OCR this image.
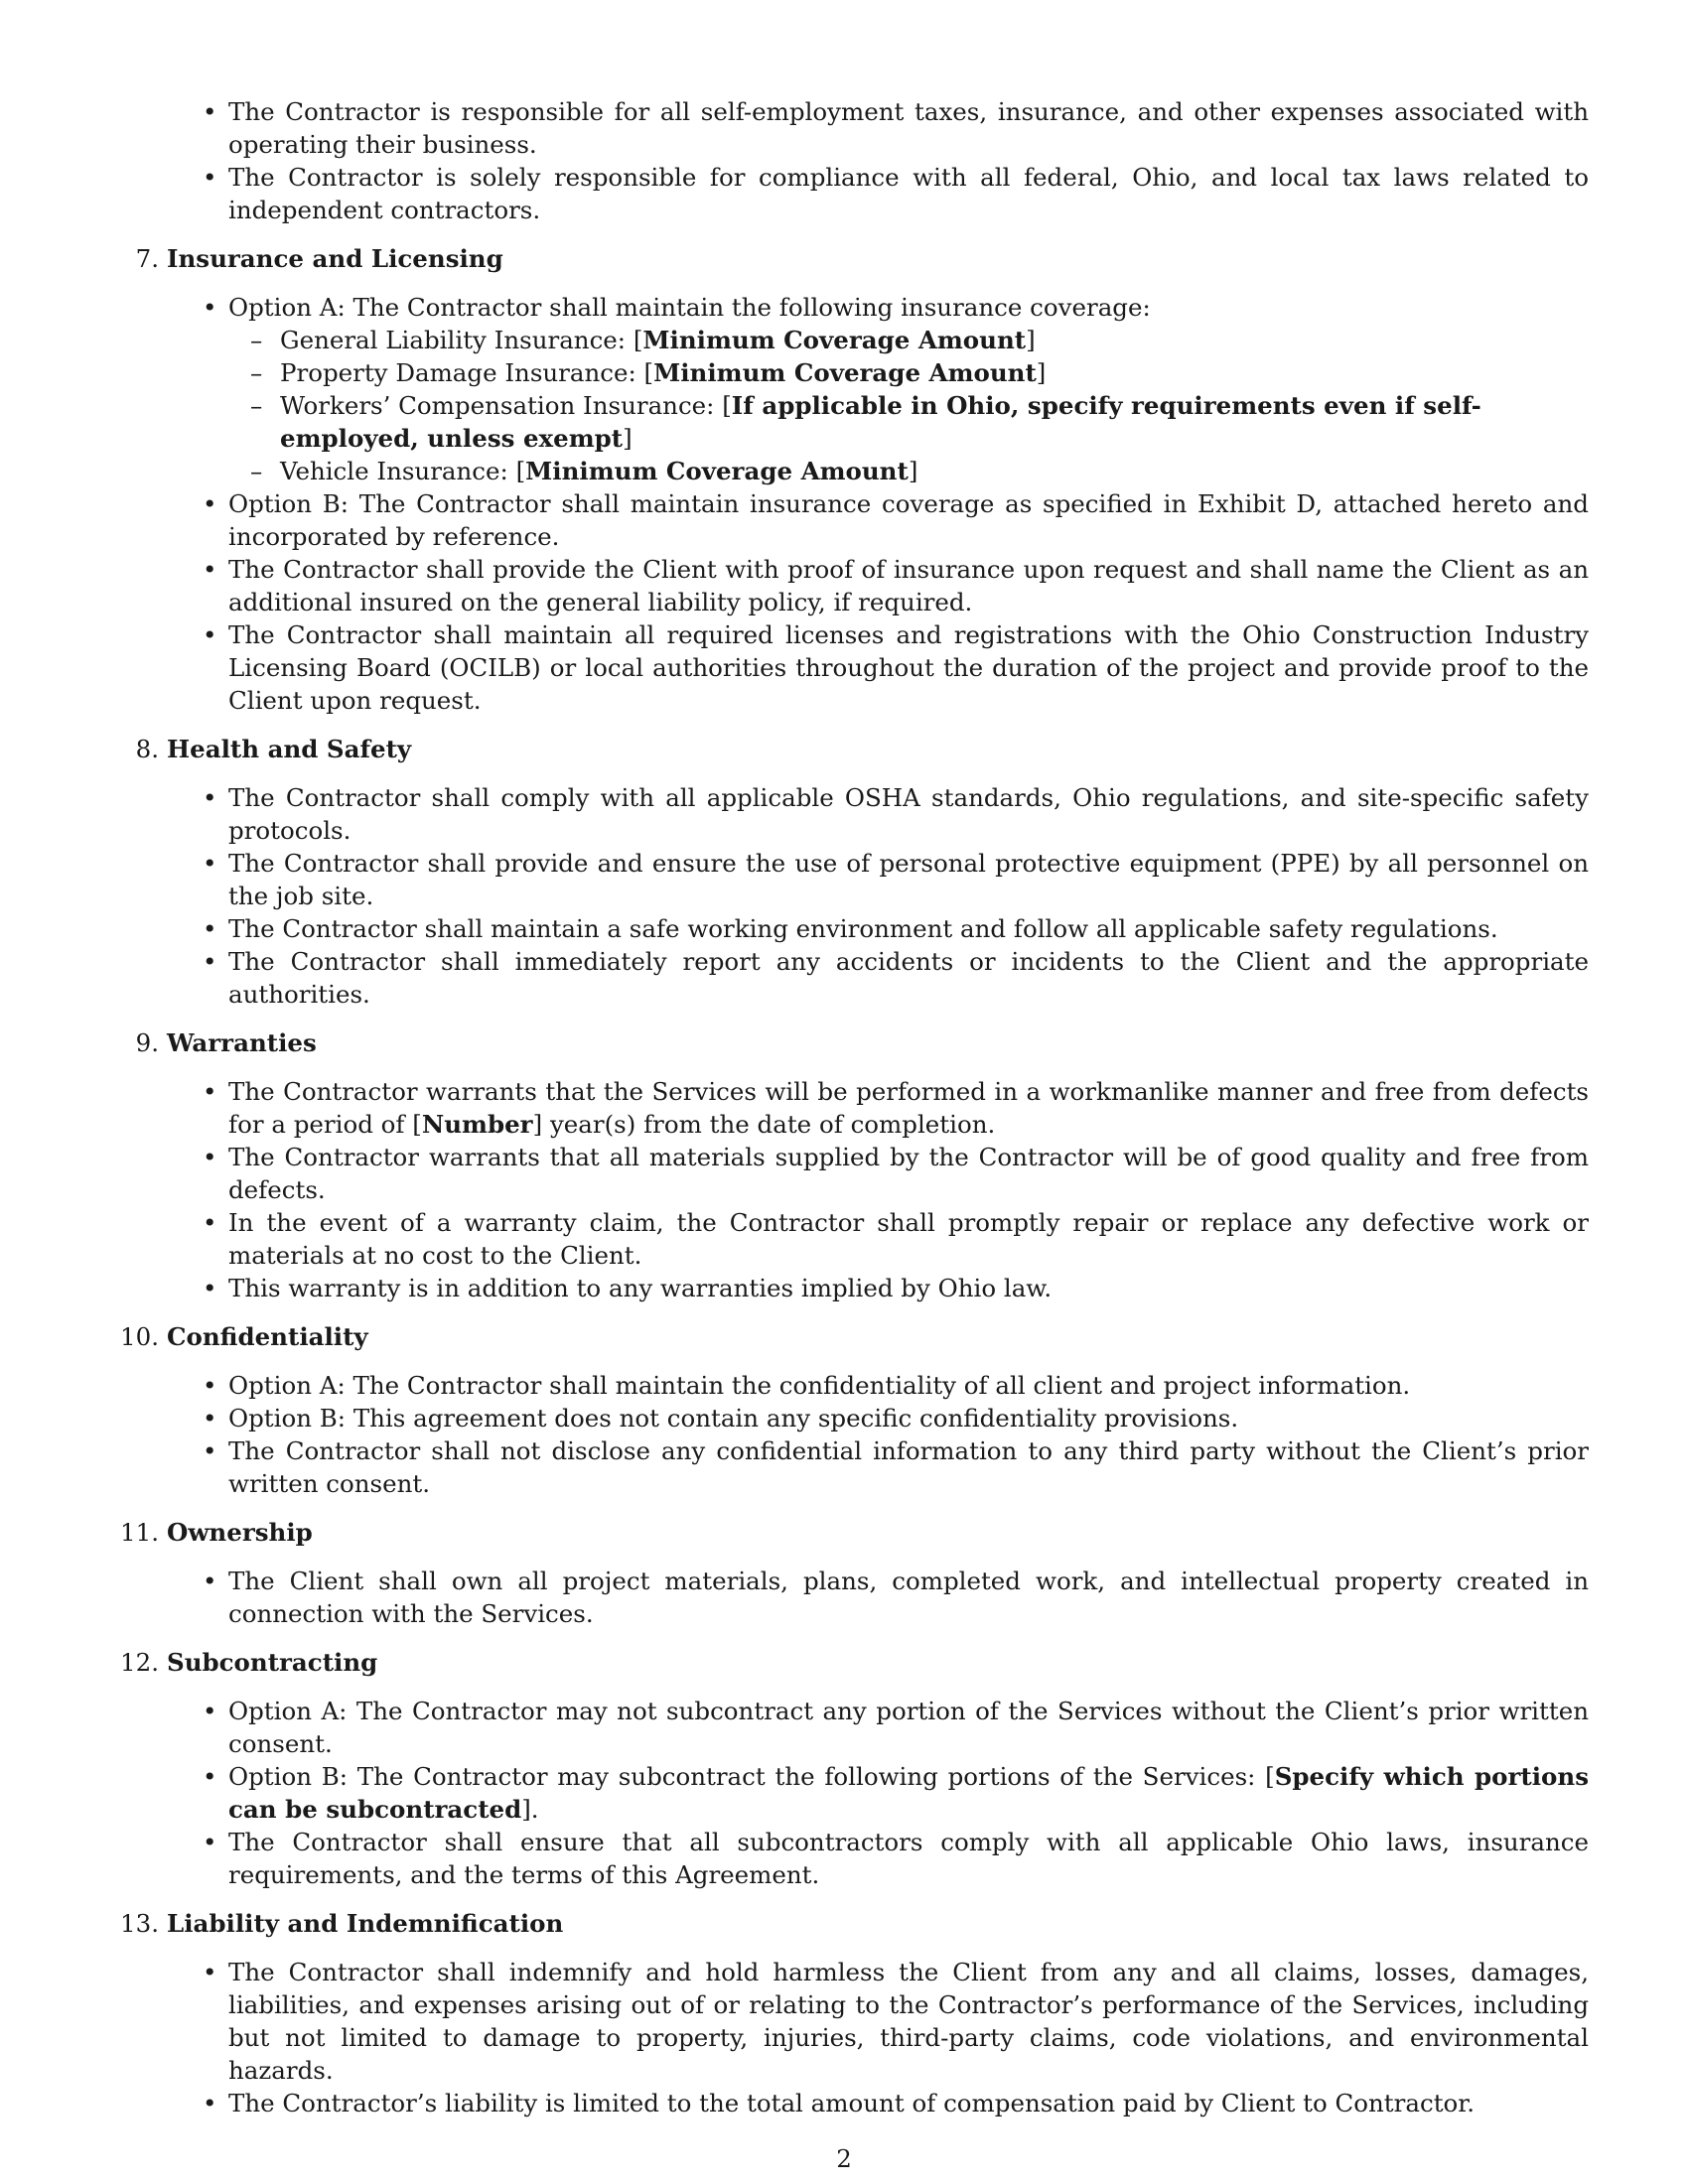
• The Contractor is responsible for all self-employment taxes, insurance, and other expenses associated with operating their business.
• The Contractor is solely responsible for compliance with all federal, Ohio, and local tax laws related to independent contractors.
7. Insurance and Licensing
• Option A: The Contractor shall maintain the following insurance coverage:
– General Liability Insurance: [Minimum Coverage Amount]
– Property Damage Insurance: [Minimum Coverage Amount]
– Workers’ Compensation Insurance: [If applicable in Ohio, specify requirements even if self-employed, unless exempt]
– Vehicle Insurance: [Minimum Coverage Amount]
• Option B: The Contractor shall maintain insurance coverage as specified in Exhibit D, attached hereto and incorporated by reference.
• The Contractor shall provide the Client with proof of insurance upon request and shall name the Client as an additional insured on the general liability policy, if required.
• The Contractor shall maintain all required licenses and registrations with the Ohio Construction Industry Licensing Board (OCILB) or local authorities throughout the duration of the project and provide proof to the Client upon request.
8. Health and Safety
• The Contractor shall comply with all applicable OSHA standards, Ohio regulations, and site-specific safety protocols.
• The Contractor shall provide and ensure the use of personal protective equipment (PPE) by all personnel on the job site.
• The Contractor shall maintain a safe working environment and follow all applicable safety regulations.
• The Contractor shall immediately report any accidents or incidents to the Client and the appropriate authorities.
9. Warranties
• The Contractor warrants that the Services will be performed in a workmanlike manner and free from defects for a period of [Number] year(s) from the date of completion.
• The Contractor warrants that all materials supplied by the Contractor will be of good quality and free from defects.
• In the event of a warranty claim, the Contractor shall promptly repair or replace any defective work or materials at no cost to the Client.
• This warranty is in addition to any warranties implied by Ohio law.
10. Confidentiality
• Option A: The Contractor shall maintain the confidentiality of all client and project information.
• Option B: This agreement does not contain any specific confidentiality provisions.
• The Contractor shall not disclose any confidential information to any third party without the Client’s prior written consent.
11. Ownership
• The Client shall own all project materials, plans, completed work, and intellectual property created in connection with the Services.
12. Subcontracting
• Option A: The Contractor may not subcontract any portion of the Services without the Client’s prior written consent.
• Option B: The Contractor may subcontract the following portions of the Services: [Specify which portions can be subcontracted].
• The Contractor shall ensure that all subcontractors comply with all applicable Ohio laws, insurance requirements, and the terms of this Agreement.
13. Liability and Indemnification
• The Contractor shall indemnify and hold harmless the Client from any and all claims, losses, damages, liabilities, and expenses arising out of or relating to the Contractor’s performance of the Services, including but not limited to damage to property, injuries, third-party claims, code violations, and environmental hazards.
• The Contractor’s liability is limited to the total amount of compensation paid by Client to Contractor.
2
